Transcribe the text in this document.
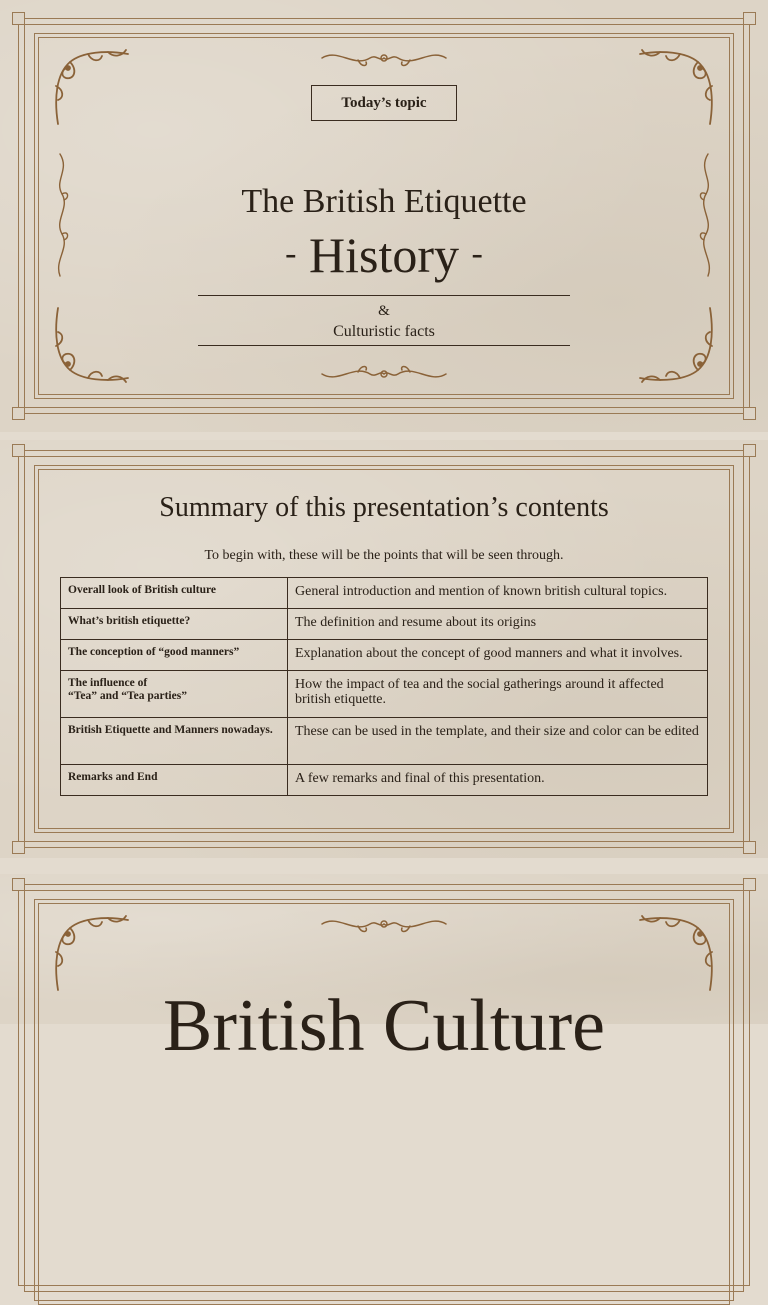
Today’s topic
The British Etiquette
- History -
&
Culturistic facts
Summary of this presentation’s contents
To begin with, these will be the points that will be seen through.
Overall look of British culture	General introduction and mention of known british cultural topics.
What’s british etiquette?	The definition and resume about its origins
The conception of “good manners”	Explanation about the concept of good manners and what it involves.
The influence of
“Tea” and “Tea parties”	How the impact of tea and the social gatherings around it affected british etiquette.
British Etiquette and Manners nowadays.	These can be used in the template, and their size and color can be edited
Remarks and End	A few remarks and final of this presentation.
British Culture
